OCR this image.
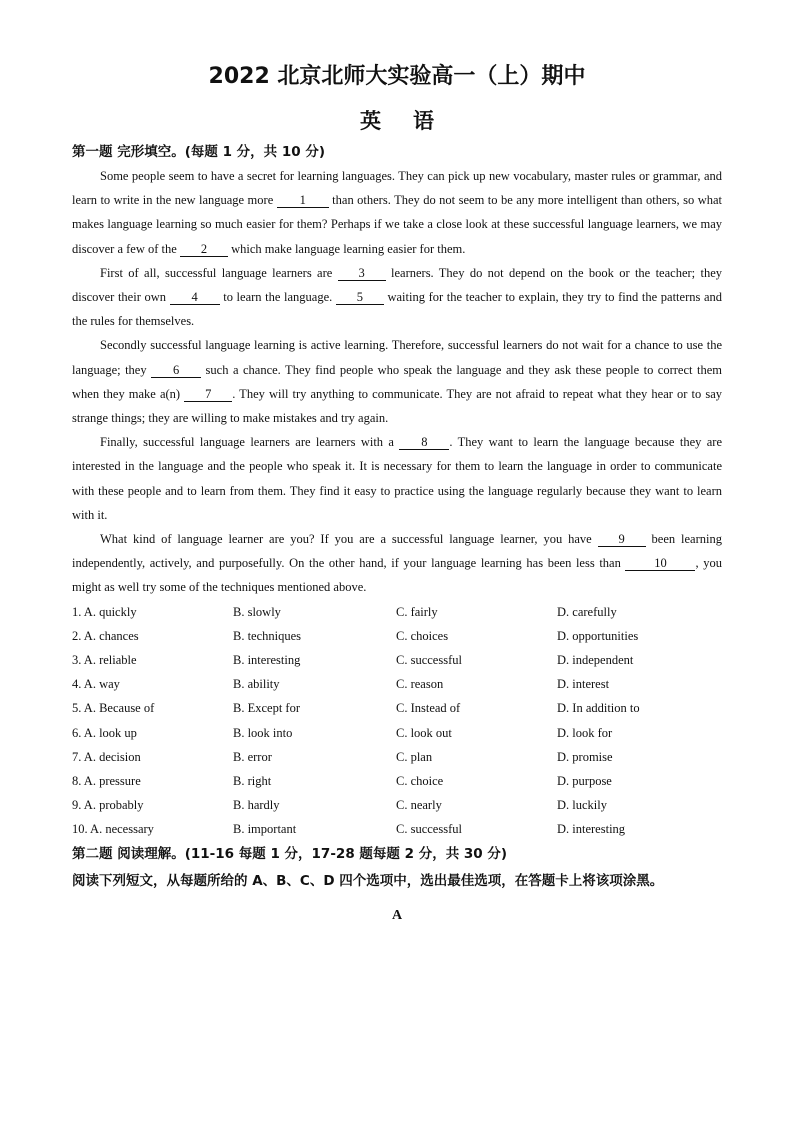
2022 北京北师大实验高一（上）期中
英语
第一题 完形填空。(每题 1 分，共 10 分)

Some people seem to have a secret for learning languages. They can pick up new vocabulary, master rules or grammar, and learn to write in the new language more 1 than others. They do not seem to be any more intelligent than others, so what makes language learning so much easier for them? Perhaps if we take a close look at these successful language learners, we may discover a few of the 2 which make language learning easier for them.

First of all, successful language learners are 3 learners. They do not depend on the book or the teacher; they discover their own 4 to learn the language. 5 waiting for the teacher to explain, they try to find the patterns and the rules for themselves.

Secondly successful language learning is active learning. Therefore, successful learners do not wait for a chance to use the language; they 6 such a chance. They find people who speak the language and they ask these people to correct them when they make a(n) 7 . They will try anything to communicate. They are not afraid to repeat what they hear or to say strange things; they are willing to make mistakes and try again.

Finally, successful language learners are learners with a 8 . They want to learn the language because they are interested in the language and the people who speak it. It is necessary for them to learn the language in order to communicate with these people and to learn from them. They find it easy to practice using the language regularly because they want to learn with it.

What kind of language learner are you? If you are a successful language learner, you have 9 been learning independently, actively, and purposefully. On the other hand, if your language learning has been less than 10 , you might as well try some of the techniques mentioned above.

1. A. quickly	B. slowly	C. fairly	D. carefully
2. A. chances	B. techniques	C. choices	D. opportunities
3. A. reliable	B. interesting	C. successful	D. independent
4. A. way	B. ability	C. reason	D. interest
5. A. Because of	B. Except for	C. Instead of	D. In addition to
6. A. look up	B. look into	C. look out	D. look for
7. A. decision	B. error	C. plan	D. promise
8. A. pressure	B. right	C. choice	D. purpose
9. A. probably	B. hardly	C. nearly	D. luckily
10. A. necessary	B. important	C. successful	D. interesting
第二题 阅读理解。(11-16 每题 1 分，17-28 题每题 2 分，共 30 分)

阅读下列短文，从每题所给的 A、B、C、D 四个选项中，选出最佳选项，在答题卡上将该项涂黑。

A
